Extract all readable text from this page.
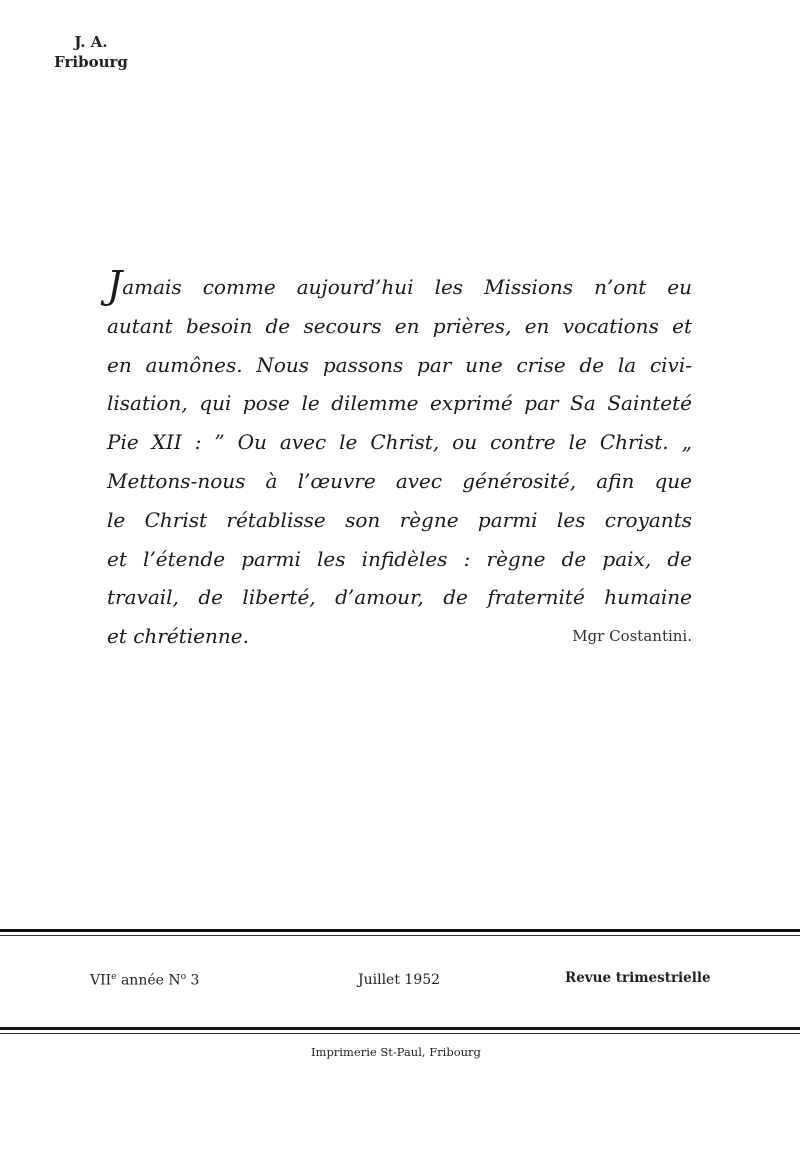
J. A.
Fribourg
Jamais comme aujourd’hui les Missions n’ont eu
autant besoin de secours en prières, en vocations et
en aumônes. Nous passons par une crise de la civi-
lisation, qui pose le dilemme exprimé par Sa Sainteté
Pie XII : ” Ou avec le Christ, ou contre le Christ. „
Mettons-nous à l’œuvre avec générosité, afin que
le Christ rétablisse son règne parmi les croyants
et l’étende parmi les infidèles : règne de paix, de
travail, de liberté, d’amour, de fraternité humaine
et chrétienne.	Mgr Costantini.
VIIe année $N^o$ 3	Juillet 1952	Revue trimestrielle
Imprimerie St-Paul, Fribourg
